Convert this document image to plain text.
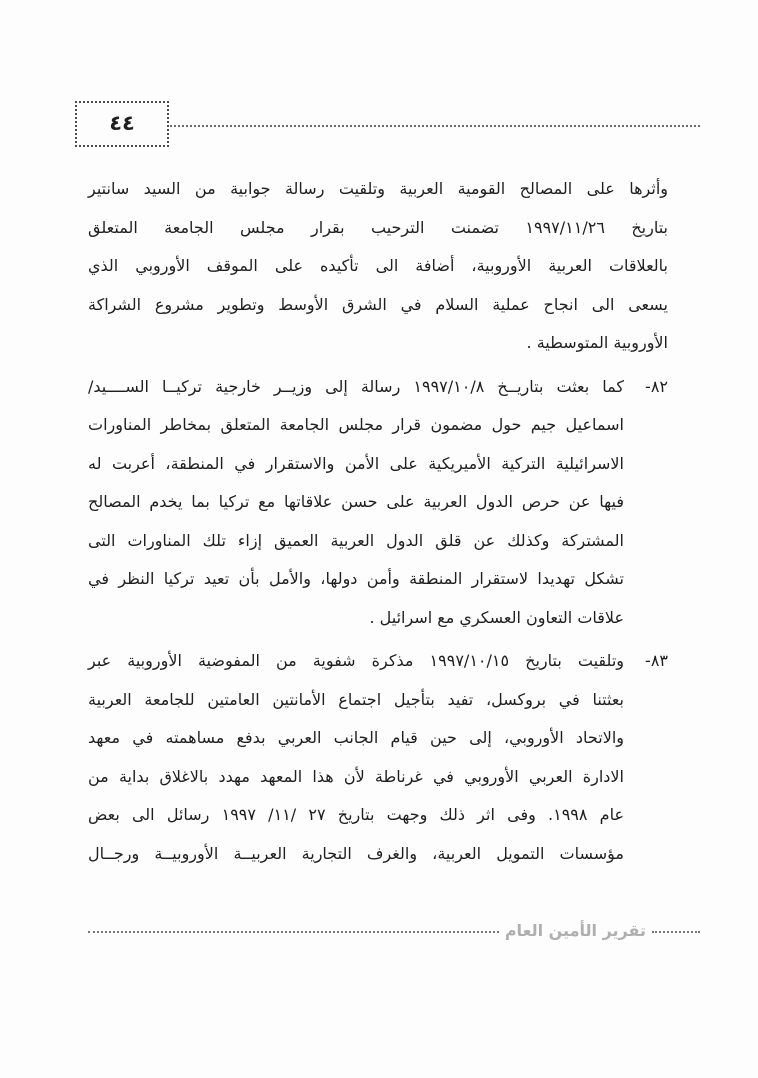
٤٤
وأثرها على المصالح القومية العربية وتلقيت رسالة جوابية من السيد سانتير
بتاريخ ١٩٩٧/١١/٢٦ تضمنت الترحيب بقرار مجلس الجامعة المتعلق
بالعلاقات العربية الأوروبية، أضافة الى تأكيده على الموقف الأوروبي الذي
يسعى الى انجاح عملية السلام في الشرق الأوسط وتطوير مشروع الشراكة
الأوروبية المتوسطية .
٨٢-
كما بعثت بتاريــخ ١٩٩٧/١٠/٨ رسالة إلى وزيــر خارجية تركيــا الســــيد/
اسماعيل جيم حول مضمون قرار مجلس الجامعة المتعلق بمخاطر المناورات
الاسرائيلية التركية الأميريكية على الأمن والاستقرار في المنطقة، أعربت له
فيها عن حرص الدول العربية على حسن علاقاتها مع تركيا بما يخدم المصالح
المشتركة وكذلك عن قلق الدول العربية العميق إزاء تلك المناورات التى
تشكل تهديدا لاستقرار المنطقة وأمن دولها، والأمل بأن تعيد تركيا النظر في
علاقات التعاون العسكري مع اسرائيل .
٨٣-
وتلقيت بتاريخ ١٩٩٧/١٠/١٥ مذكرة شفوية من المفوضية الأوروبية عبر
بعثتنا في بروكسل، تفيد بتأجيل اجتماع الأمانتين العامتين للجامعة العربية
والاتحاد الأوروبي، إلى حين قيام الجانب العربي بدفع مساهمته في معهد
الادارة العربي الأوروبي في غرناطة لأن هذا المعهد مهدد بالاغلاق بداية من
عام ١٩٩٨. وفى اثر ذلك وجهت بتاريخ ٢٧ /١١/ ١٩٩٧ رسائل الى بعض
مؤسسات التمويل العربية، والغرف التجارية العربيــة الأوروبيــة ورجــال
تقرير الأمين العام
